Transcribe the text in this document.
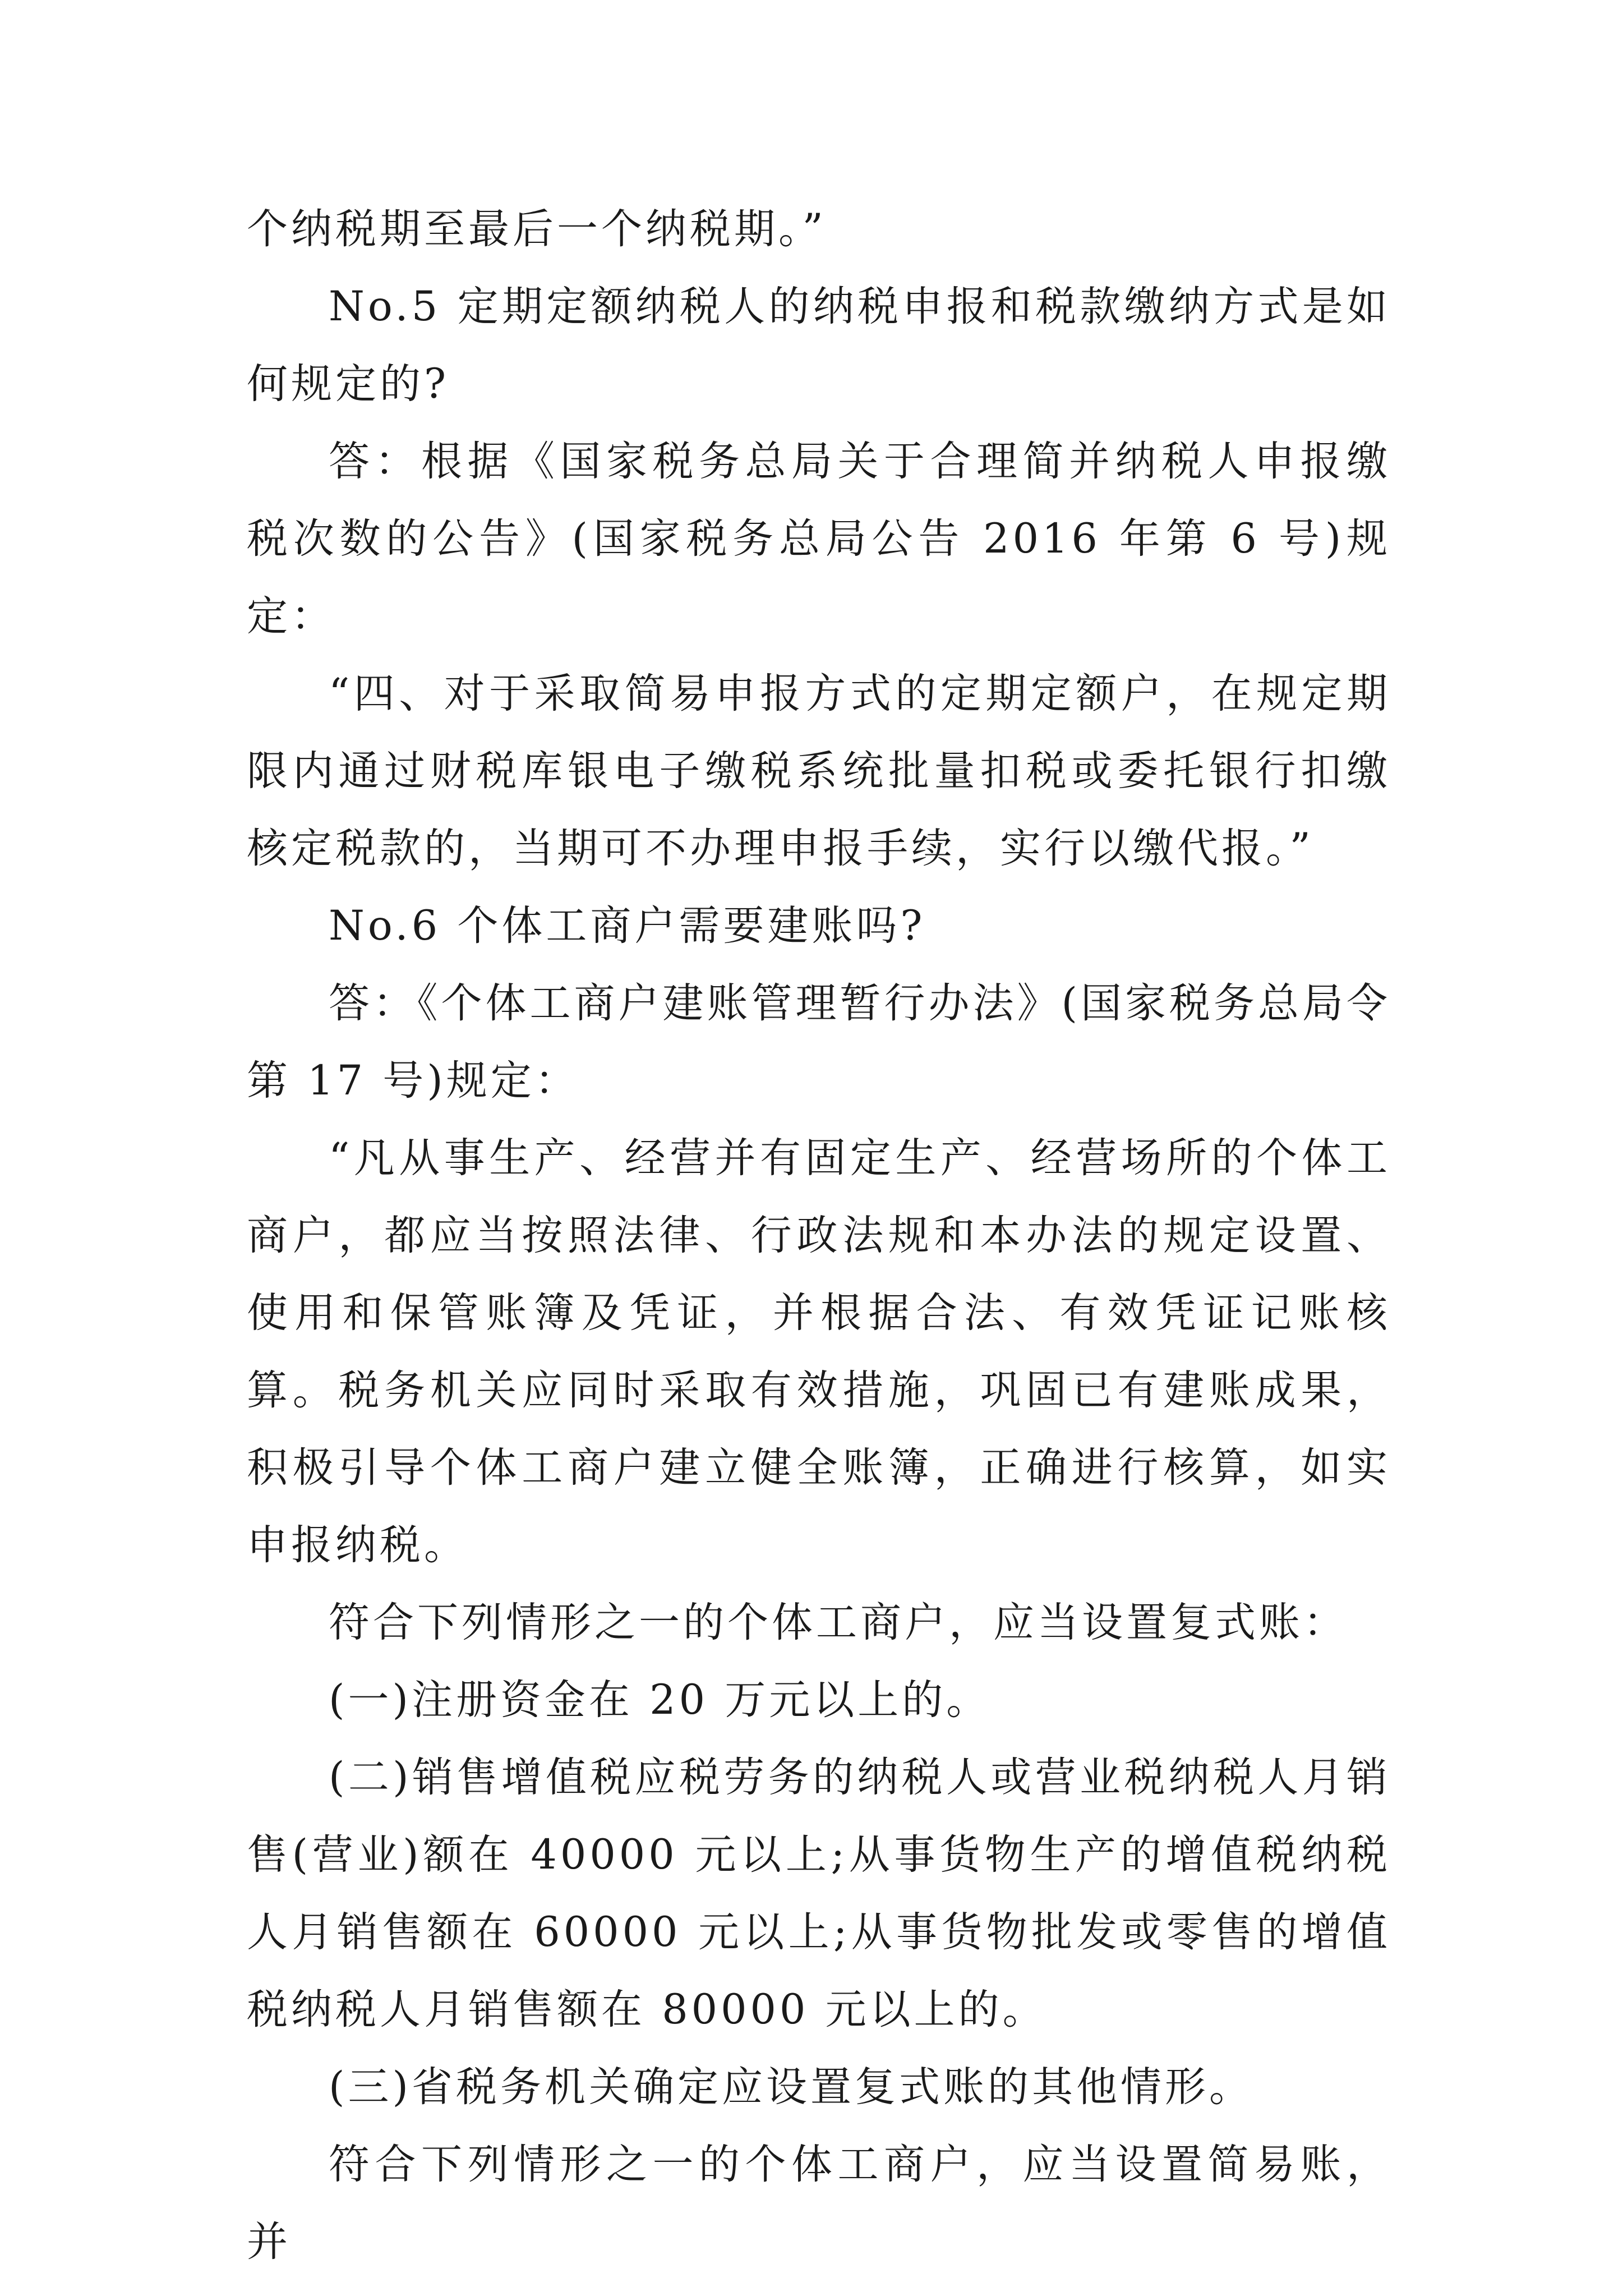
个纳税期至最后一个纳税期。”

No.5 定期定额纳税人的纳税申报和税款缴纳方式是如何规定的?

答：根据《国家税务总局关于合理简并纳税人申报缴税次数的公告》(国家税务总局公告 2016 年第 6 号)规定：

“四、对于采取简易申报方式的定期定额户，在规定期限内通过财税库银电子缴税系统批量扣税或委托银行扣缴核定税款的，当期可不办理申报手续，实行以缴代报。”

No.6 个体工商户需要建账吗?

答：《个体工商户建账管理暂行办法》(国家税务总局令第 17 号)规定：

“凡从事生产、经营并有固定生产、经营场所的个体工商户，都应当按照法律、行政法规和本办法的规定设置、使用和保管账簿及凭证，并根据合法、有效凭证记账核算。税务机关应同时采取有效措施，巩固已有建账成果，积极引导个体工商户建立健全账簿，正确进行核算，如实申报纳税。

符合下列情形之一的个体工商户，应当设置复式账：

(一)注册资金在 20 万元以上的。

(二)销售增值税应税劳务的纳税人或营业税纳税人月销售(营业)额在 40000 元以上;从事货物生产的增值税纳税人月销售额在 60000 元以上;从事货物批发或零售的增值税纳税人月销售额在 80000 元以上的。

(三)省税务机关确定应设置复式账的其他情形。

符合下列情形之一的个体工商户，应当设置简易账，并
